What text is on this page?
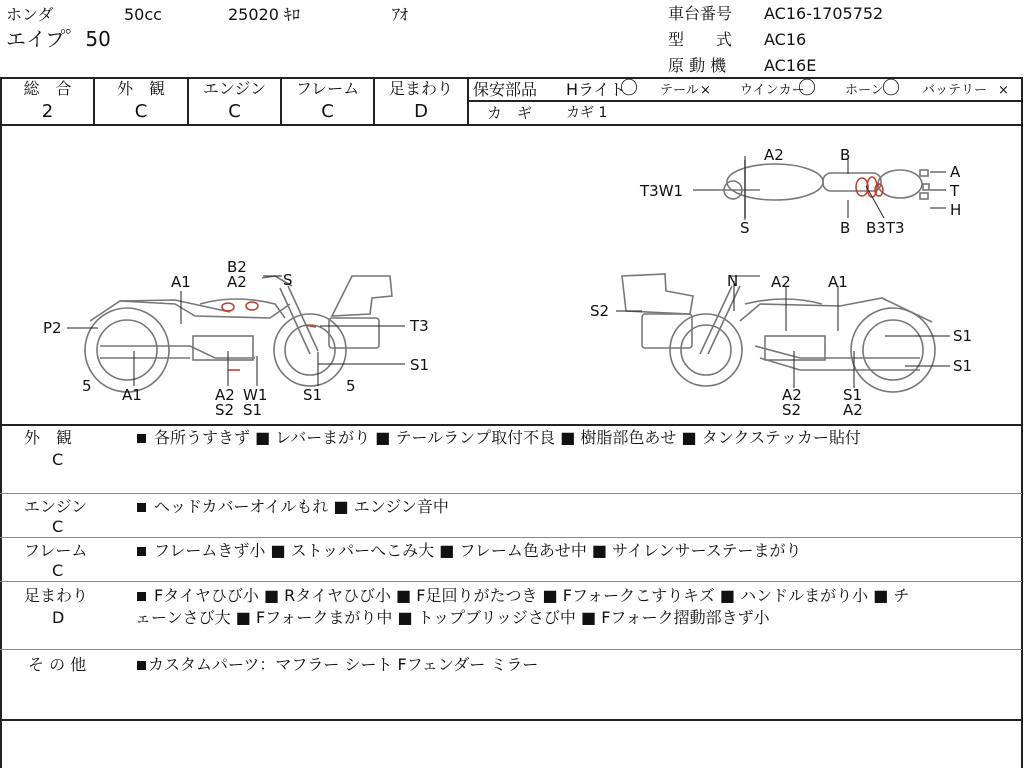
ホンダ	50cc	25020 ｷﾛ	ｱｵ
エイプ゜50
車台番号 AC16-1705752
型　　式 AC16
原 動 機 AC16E
総　合	外　観	エンジン	フレーム	足まわり
2	C	C	C	D
保安部品 Hライト
〇 テール × ウインカー
〇 ホーン
〇 バッテリー ×
カ　ギ カギ 1
A2	B
T3W1
A
T
H
S	B B3T3
B2
A2 S
A1
P2	T3
S1
5 A1	A2 W1
S2 S1
S1 5
N A2 A1
S2
S1
S1
A2
S2
S1
A2
外　観
C
各所うすきず ■ レバーまがり ■ テールランプ取付不良 ■ 樹脂部色あせ ■ タンクステッカー貼付
エンジン
C
ヘッドカバーオイルもれ ■ エンジン音中
フレーム
C
フレームきず小 ■ ストッパーへこみ大 ■ フレーム色あせ中 ■ サイレンサーステーまがり
足まわり
D
Fタイヤひび小 ■ Rタイヤひび小 ■ F足回りがたつき ■ Fフォークこすりキズ ■ ハンドルまがり小 ■ チ
ェーンさび大 ■ Fフォークまがり中 ■ トップブリッジさび中 ■ Fフォーク摺動部きず小
そ の 他	カスタムパーツ：マフラー シート Fフェンダー ミラー
